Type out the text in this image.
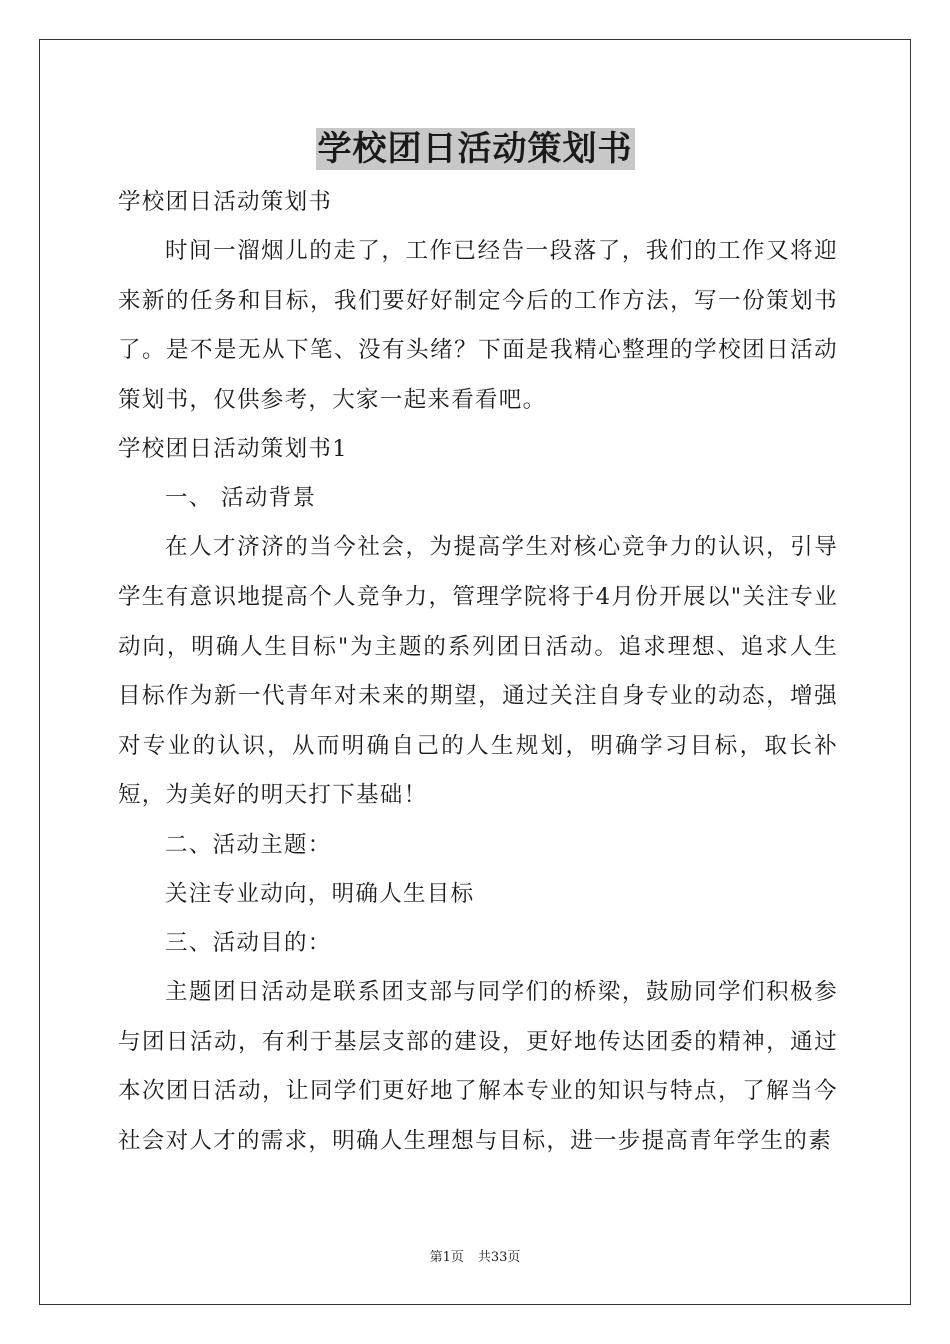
学校团日活动策划书
学校团日活动策划书
时间一溜烟儿的走了，工作已经告一段落了，我们的工作又将迎来新的任务和目标，我们要好好制定今后的工作方法，写一份策划书了。是不是无从下笔、没有头绪？下面是我精心整理的学校团日活动策划书，仅供参考，大家一起来看看吧。
学校团日活动策划书1
一、 活动背景
在人才济济的当今社会，为提高学生对核心竞争力的认识，引导学生有意识地提高个人竞争力，管理学院将于4月份开展以"关注专业动向，明确人生目标"为主题的系列团日活动。追求理想、追求人生目标作为新一代青年对未来的期望，通过关注自身专业的动态，增强对专业的认识，从而明确自己的人生规划，明确学习目标，取长补短，为美好的明天打下基础！
二、活动主题：
关注专业动向，明确人生目标
三、活动目的：
主题团日活动是联系团支部与同学们的桥梁，鼓励同学们积极参与团日活动，有利于基层支部的建设，更好地传达团委的精神，通过本次团日活动，让同学们更好地了解本专业的知识与特点，了解当今社会对人才的需求，明确人生理想与目标，进一步提高青年学生的素
第1页 共33页
